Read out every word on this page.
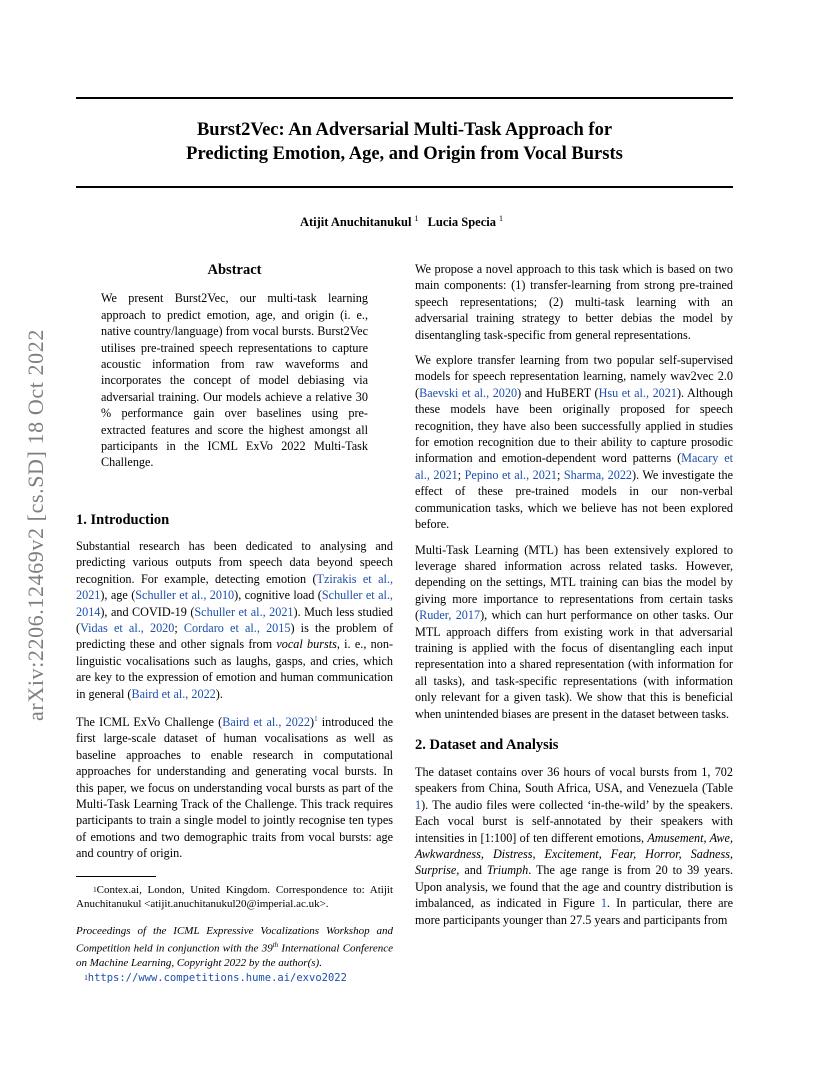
Burst2Vec: An Adversarial Multi-Task Approach for
Predicting Emotion, Age, and Origin from Vocal Bursts
Atijit Anuchitanukul $^1$ Lucia Specia $^1$
arXiv:2206.12469v2 [cs.SD] 18 Oct 2022
Abstract

We present Burst2Vec, our multi-task learning approach to predict emotion, age, and origin (i. e., native country/language) from vocal bursts. Burst2Vec utilises pre-trained speech representations to capture acoustic information from raw waveforms and incorporates the concept of model debiasing via adversarial training. Our models achieve a relative 30 % performance gain over baselines using pre-extracted features and score the highest amongst all participants in the ICML ExVo 2022 Multi-Task Challenge.

1. Introduction

Substantial research has been dedicated to analysing and predicting various outputs from speech data beyond speech recognition. For example, detecting emotion (Tzirakis et al., 2021), age (Schuller et al., 2010), cognitive load (Schuller et al., 2014), and COVID-19 (Schuller et al., 2021). Much less studied (Vidas et al., 2020; Cordaro et al., 2015) is the problem of predicting these and other signals from vocal bursts, i. e., non-linguistic vocalisations such as laughs, gasps, and cries, which are key to the expression of emotion and human communication in general (Baird et al., 2022).

The ICML ExVo Challenge (Baird et al., 2022)$^1$ introduced the first large-scale dataset of human vocalisations as well as baseline approaches to enable research in computational approaches for understanding and generating vocal bursts. In this paper, we focus on understanding vocal bursts as part of the Multi-Task Learning Track of the Challenge. This track requires participants to train a single model to jointly recognise ten types of emotions and two demographic traits from vocal bursts: age and country of origin.

$^1$Contex.ai, London, United Kingdom. Correspondence to: Atijit Anuchitanukul <atijit.anuchitanukul20@imperial.ac.uk>.

Proceedings of the ICML Expressive Vocalizations Workshop and Competition held in conjunction with the 39th International Conference on Machine Learning, Copyright 2022 by the author(s).

$^1$https://www.competitions.hume.ai/exvo2022

We propose a novel approach to this task which is based on two main components: (1) transfer-learning from strong pre-trained speech representations; (2) multi-task learning with an adversarial training strategy to better debias the model by disentangling task-specific from general representations.

We explore transfer learning from two popular self-supervised models for speech representation learning, namely wav2vec 2.0 (Baevski et al., 2020) and HuBERT (Hsu et al., 2021). Although these models have been originally proposed for speech recognition, they have also been successfully applied in studies for emotion recognition due to their ability to capture prosodic information and emotion-dependent word patterns (Macary et al., 2021; Pepino et al., 2021; Sharma, 2022). We investigate the effect of these pre-trained models in our non-verbal communication tasks, which we believe has not been explored before.

Multi-Task Learning (MTL) has been extensively explored to leverage shared information across related tasks. However, depending on the settings, MTL training can bias the model by giving more importance to representations from certain tasks (Ruder, 2017), which can hurt performance on other tasks. Our MTL approach differs from existing work in that adversarial training is applied with the focus of disentangling each input representation into a shared representation (with information for all tasks), and task-specific representations (with information only relevant for a given task). We show that this is beneficial when unintended biases are present in the dataset between tasks.

2. Dataset and Analysis

The dataset contains over 36 hours of vocal bursts from 1, 702 speakers from China, South Africa, USA, and Venezuela (Table 1). The audio files were collected ‘in-the-wild’ by the speakers. Each vocal burst is self-annotated by their speakers with intensities in [1:100] of ten different emotions, Amusement, Awe, Awkwardness, Distress, Excitement, Fear, Horror, Sadness, Surprise, and Triumph. The age range is from 20 to 39 years. Upon analysis, we found that the age and country distribution is imbalanced, as indicated in Figure 1. In particular, there are more participants younger than 27.5 years and participants from
